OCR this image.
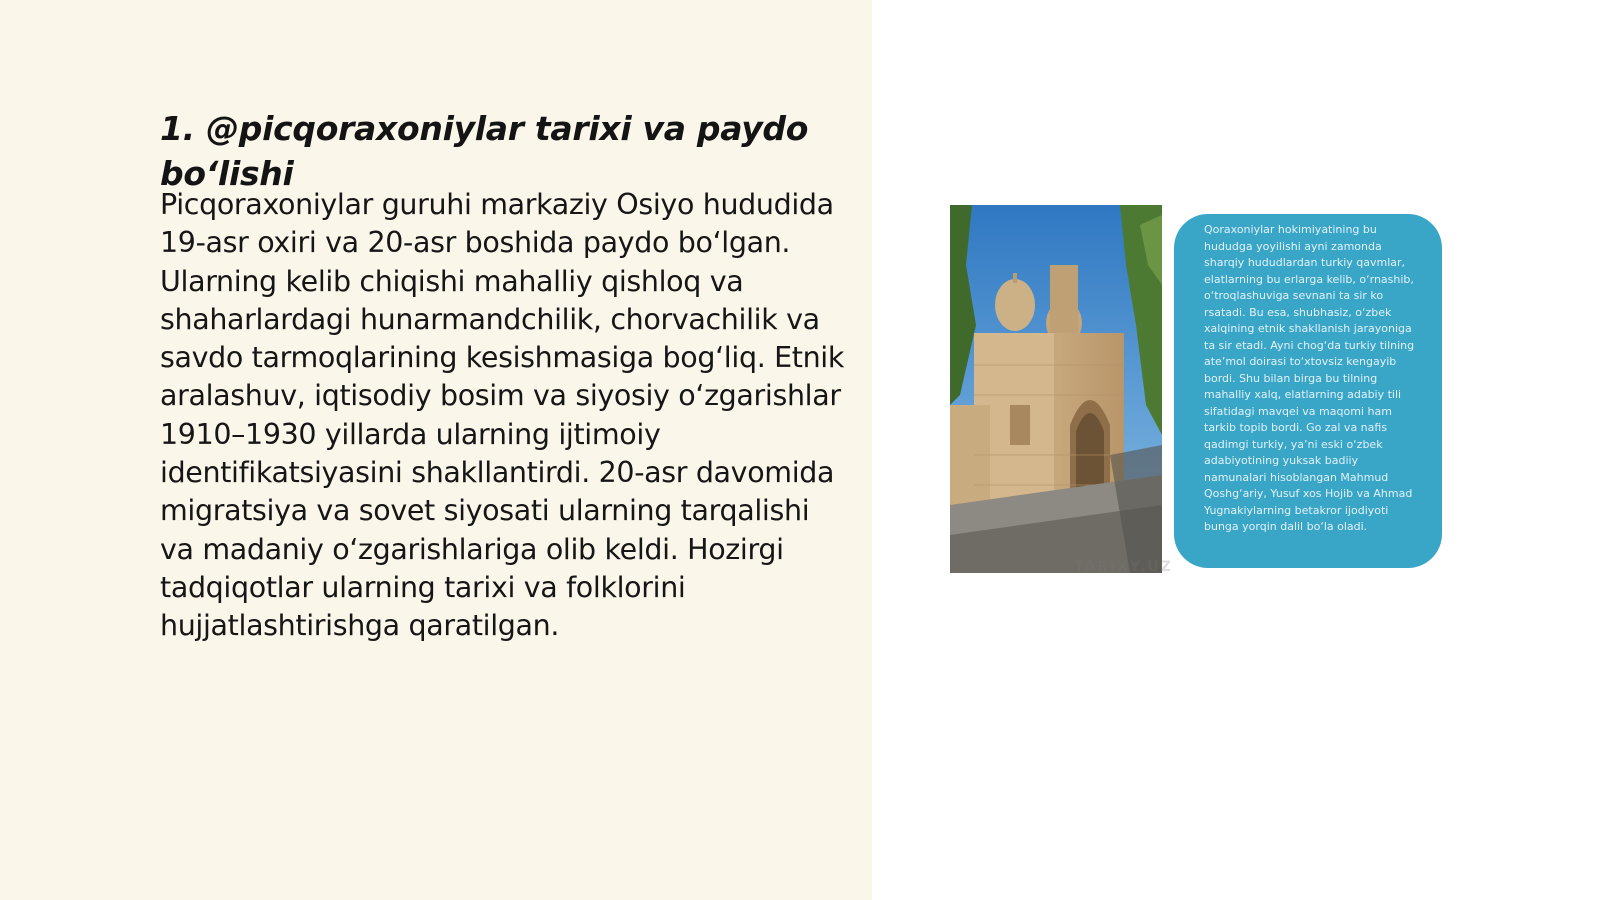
1. @picqoraxoniylar tarixi va paydo bo‘lishi

Picqoraxoniylar guruhi markaziy Osiyo hududida 19-asr oxiri va 20-asr boshida paydo bo‘lgan. Ularning kelib chiqishi mahalliy qishloq va shaharlardagi hunarmandchilik, chorvachilik va savdo tarmoqlarining kesishmasiga bog‘liq. Etnik aralashuv, iqtisodiy bosim va siyosiy o‘zgarishlar 1910–1930 yillarda ularning ijtimoiy identifikatsiyasini shakllantirdi. 20-asr davomida migratsiya va sovet siyosati ularning tarqalishi va madaniy o‘zgarishlariga olib keldi. Hozirgi tadqiqotlar ularning tarixi va folklorini hujjatlashtirishga qaratilgan.

Qoraxoniylar hokimiyatining bu hududga yoyilishi ayni zamonda sharqiy hududlardan turkiy qavmlar, elatlarning bu erlarga kelib, o‘rnashib, o‘troqlashuviga sevnani ta sir ko rsatadi. Bu esa, shubhasiz, o‘zbek xalqining etnik shakllanish jarayoniga ta sir etadi. Ayni chog‘da turkiy tilning ate’mol doirasi to‘xtovsiz kengayib bordi. Shu bilan birga bu tilning mahalliy xalq, elatlarning adabiy tili sifatidagi mavqei va maqomi ham tarkib topib bordi. Go zal va nafis qadimgi turkiy, ya’ni eski o‘zbek adabiyotining yuksak badiiy namunalari hisoblangan Mahmud Qoshg‘ariy, Yusuf xos Hojib va Ahmad Yugnakiylarning betakror ijodiyoti bunga yorqin dalil bo‘la oladi.

TARIXY.UZ
